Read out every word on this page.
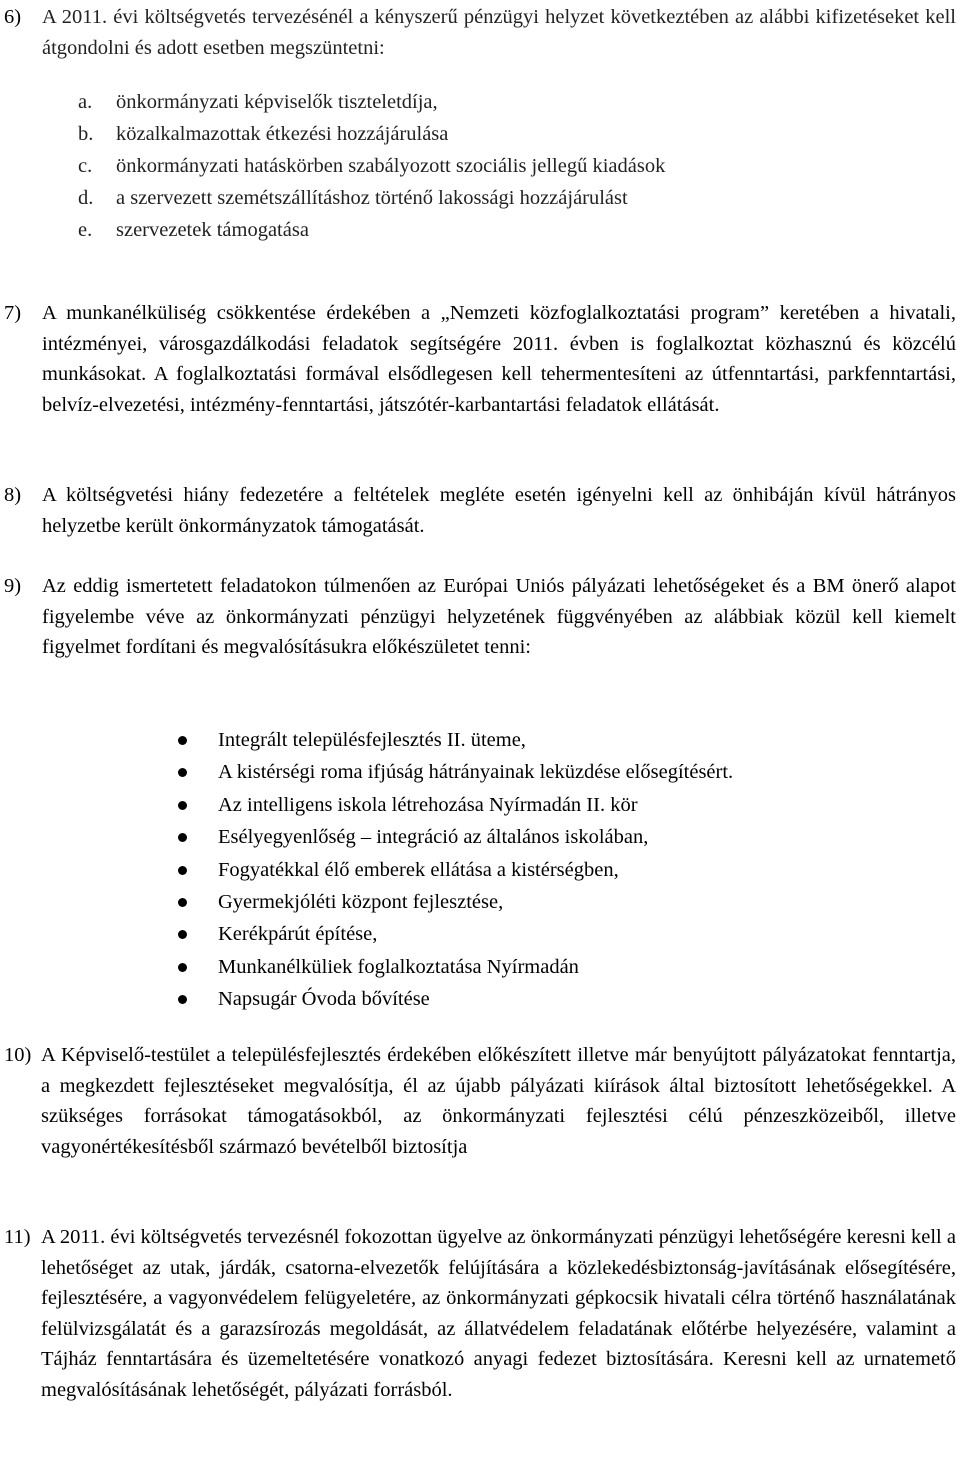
6) A 2011. évi költségvetés tervezésénél a kényszerű pénzügyi helyzet következtében az alábbi kifizetéseket kell átgondolni és adott esetben megszüntetni:
a. önkormányzati képviselők tiszteletdíja,
b. közalkalmazottak étkezési hozzájárulása
c. önkormányzati hatáskörben szabályozott szociális jellegű kiadások
d. a szervezett szemétszállításhoz történő lakossági hozzájárulást
e. szervezetek támogatása
7) A munkanélküliség csökkentése érdekében a „Nemzeti közfoglalkoztatási program” keretében a hivatali, intézményei, városgazdálkodási feladatok segítségére 2011. évben is foglalkoztat közhasznú és közcélú munkásokat. A foglalkoztatási formával elsődlegesen kell tehermentesíteni az útfenntartási, parkfenntartási, belvíz-elvezetési, intézmény-fenntartási, játszótér-karbantartási feladatok ellátását.
8) A költségvetési hiány fedezetére a feltételek megléte esetén igényelni kell az önhibáján kívül hátrányos helyzetbe került önkormányzatok támogatását.
9) Az eddig ismertetett feladatokon túlmenően az Európai Uniós pályázati lehetőségeket és a BM önerő alapot figyelembe véve az önkormányzati pénzügyi helyzetének függvényében az alábbiak közül kell kiemelt figyelmet fordítani és megvalósításukra előkészületet tenni:
Integrált településfejlesztés II. üteme,
A kistérségi roma ifjúság hátrányainak leküzdése elősegítésért.
Az intelligens iskola létrehozása Nyírmadán II. kör
Esélyegyenlőség – integráció az általános iskolában,
Fogyatékkal élő emberek ellátása a kistérségben,
Gyermekjóléti központ fejlesztése,
Kerékpárút építése,
Munkanélküliek foglalkoztatása Nyírmadán
Napsugár Óvoda bővítése
10) A Képviselő-testület a településfejlesztés érdekében előkészített illetve már benyújtott pályázatokat fenntartja, a megkezdett fejlesztéseket megvalósítja, él az újabb pályázati kiírások által biztosított lehetőségekkel. A szükséges forrásokat támogatásokból, az önkormányzati fejlesztési célú pénzeszközeiből, illetve vagyonértékesítésből származó bevételből biztosítja
11) A 2011. évi költségvetés tervezésnél fokozottan ügyelve az önkormányzati pénzügyi lehetőségére keresni kell a lehetőséget az utak, járdák, csatorna-elvezetők felújítására a közlekedésbiztonság-javításának elősegítésére, fejlesztésére, a vagyonvédelem felügyeletére, az önkormányzati gépkocsik hivatali célra történő használatának felülvizsgálatát és a garazsírozás megoldását, az állatvédelem feladatának előtérbe helyezésére, valamint a Tájház fenntartására és üzemeltetésére vonatkozó anyagi fedezet biztosítására. Keresni kell az urnatemető megvalósításának lehetőségét, pályázati forrásból.
